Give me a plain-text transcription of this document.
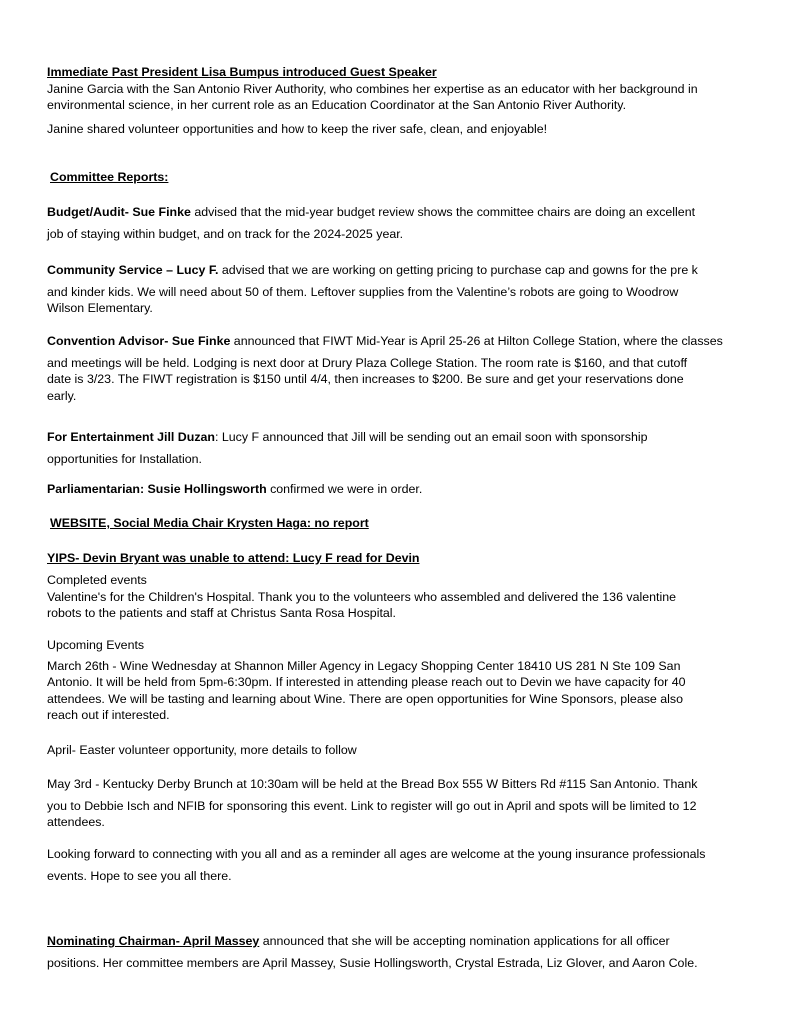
Immediate Past President Lisa Bumpus introduced Guest Speaker
Janine Garcia with the San Antonio River Authority, who combines her expertise as an educator with her background in
environmental science, in her current role as an Education Coordinator at the San Antonio River Authority.
Janine shared volunteer opportunities and how to keep the river safe, clean, and enjoyable!
Committee Reports:
Budget/Audit- Sue Finke advised that the mid-year budget review shows the committee chairs are doing an excellent
job of staying within budget, and on track for the 2024-2025 year.
Community Service – Lucy F. advised that we are working on getting pricing to purchase cap and gowns for the pre k
and kinder kids. We will need about 50 of them. Leftover supplies from the Valentine’s robots are going to Woodrow
Wilson Elementary.
Convention Advisor- Sue Finke announced that FIWT Mid-Year is April 25-26 at Hilton College Station, where the classes
and meetings will be held. Lodging is next door at Drury Plaza College Station. The room rate is $160, and that cutoff
date is 3/23. The FIWT registration is $150 until 4/4, then increases to $200. Be sure and get your reservations done
early.
For Entertainment Jill Duzan: Lucy F announced that Jill will be sending out an email soon with sponsorship
opportunities for Installation.
Parliamentarian: Susie Hollingsworth confirmed we were in order.
WEBSITE, Social Media Chair Krysten Haga: no report
YIPS- Devin Bryant was unable to attend: Lucy F read for Devin
Completed events
Valentine's for the Children's Hospital. Thank you to the volunteers who assembled and delivered the 136 valentine
robots to the patients and staff at Christus Santa Rosa Hospital.
Upcoming Events
March 26th - Wine Wednesday at Shannon Miller Agency in Legacy Shopping Center 18410 US 281 N Ste 109 San
Antonio. It will be held from 5pm-6:30pm. If interested in attending please reach out to Devin we have capacity for 40
attendees. We will be tasting and learning about Wine. There are open opportunities for Wine Sponsors, please also
reach out if interested.
April- Easter volunteer opportunity, more details to follow
May 3rd - Kentucky Derby Brunch at 10:30am will be held at the Bread Box 555 W Bitters Rd #115 San Antonio. Thank
you to Debbie Isch and NFIB for sponsoring this event. Link to register will go out in April and spots will be limited to 12
attendees.
Looking forward to connecting with you all and as a reminder all ages are welcome at the young insurance professionals
events. Hope to see you all there.
Nominating Chairman- April Massey announced that she will be accepting nomination applications for all officer
positions. Her committee members are April Massey, Susie Hollingsworth, Crystal Estrada, Liz Glover, and Aaron Cole.
